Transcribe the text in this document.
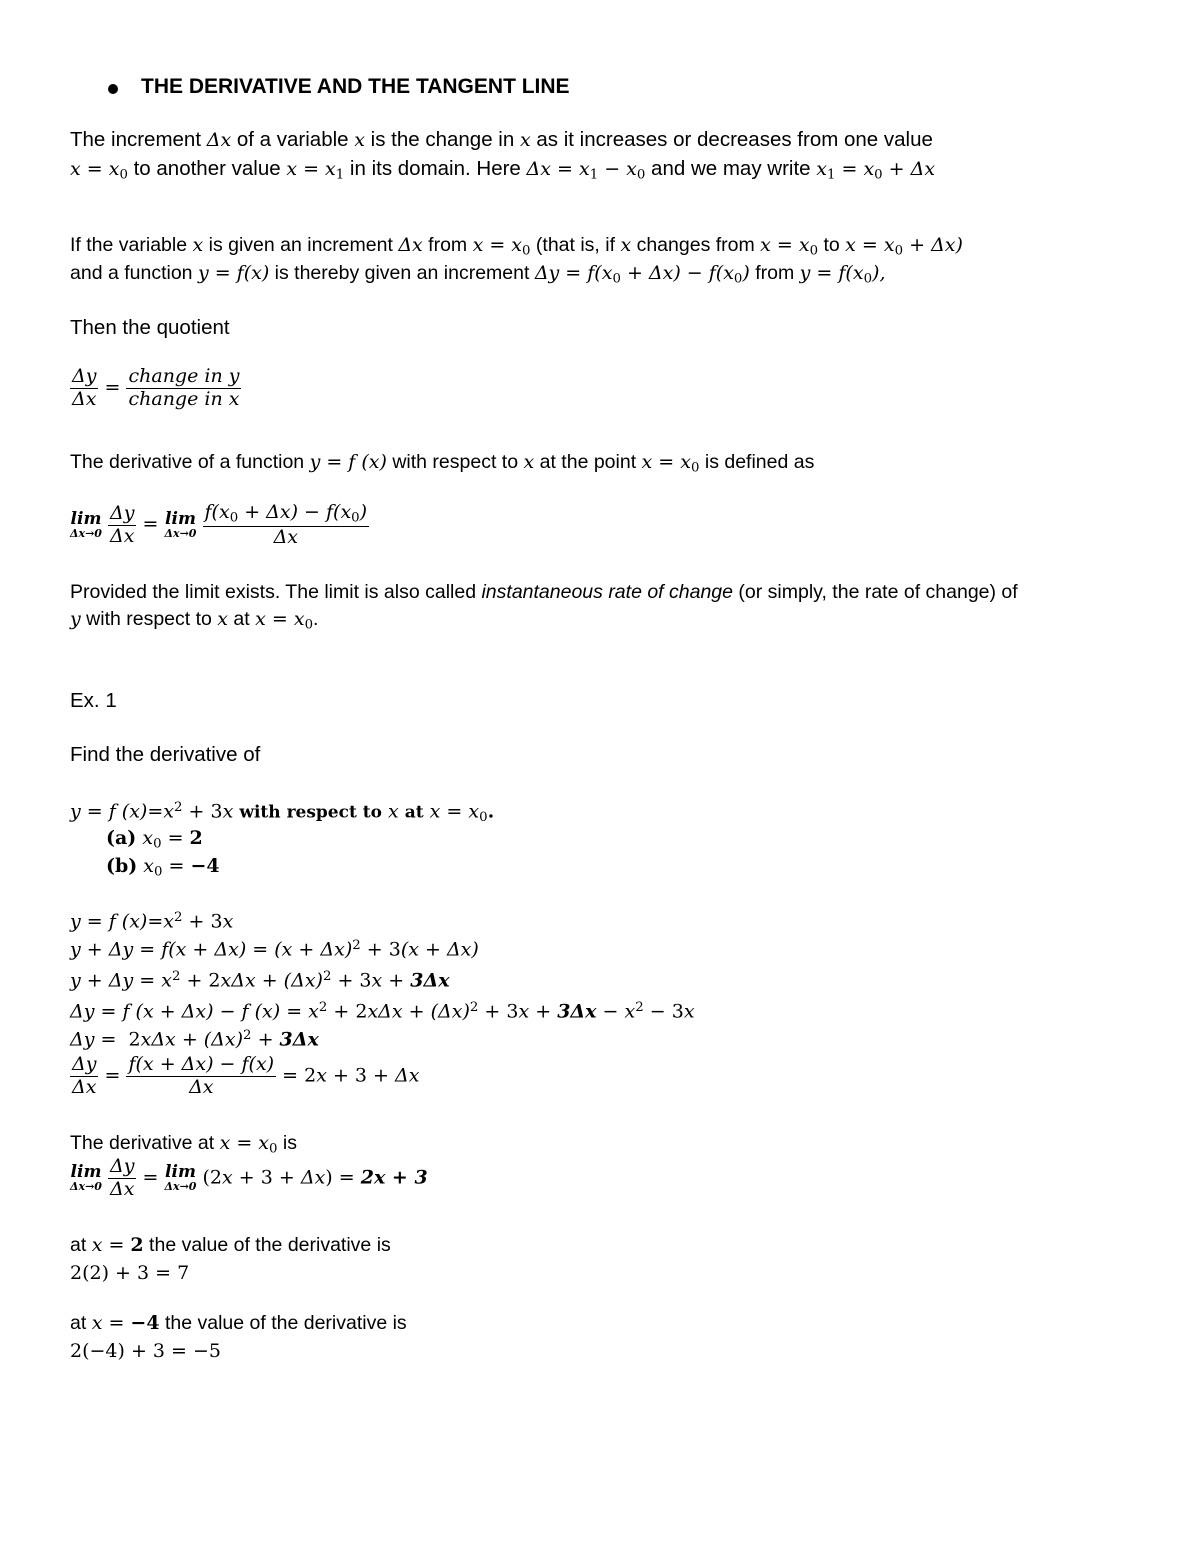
THE DERIVATIVE AND THE TANGENT LINE
The increment Δx of a variable x is the change in x as it increases or decreases from one value
$x = x_0$ to another value $x = x_1$ in its domain. Here $\Delta x = x_1 - x_0$ and we may write $x_1 = x_0 + \Delta x$
If the variable x is given an increment Δx from $x = x_0$ (that is, if x changes from $x = x_0$ to $x = x_0 + \Delta x$)
and a function y = f(x) is thereby given an increment $\Delta y = f(x_0 + \Delta x) - f(x_0)$ from $y = f(x_0)$,
Then the quotient
$\frac{\Delta y}{\Delta x} = \frac{\text{change in y}}{\text{change in x}}$
The derivative of a function y = f (x) with respect to x at the point $x = x_0$ is defined as
lim
Δx→0
$\frac{\Delta y}{\Delta x} = \lim$
Δx→0
$\frac{f(x_0 + \Delta x) - f(x_0)}{\Delta x}$
Provided the limit exists. The limit is also called instantaneous rate of change (or simply, the rate of change) of
y with respect to x at $x = x_0$.
Ex. 1
Find the derivative of
y = f $(x)=x^2 + 3x$ with respect to x at $x = x_0$.
(a) $x_0 = 2$
(b) $x_0 = -4$
y = f $(x)=x^2 + 3x$
$y + \Delta y = f(x + \Delta x) = (x + \Delta x)^2 + 3(x + \Delta x)$
$y + \Delta y = x^2 + 2x\Delta x + (\Delta x)^2 + 3x + 3\Delta x$
Δy = f (x + Δx) − f $(x) = x^2 + 2x\Delta x + (\Delta x)^2 + 3x + 3\Delta x - x^2 - 3x$
$\Delta y = 2x\Delta x + (\Delta x)^2 + 3\Delta x$
$\frac{\Delta y}{\Delta x} = \frac{f(x + \Delta x) - f(x)}{\Delta x} = 2x + 3 + \Delta x$
The derivative at $x = x_0$ is
lim
Δx→0
$\frac{\Delta y}{\Delta x} = \lim$
Δx→0 (2x + 3 + Δx) = 2x + 3
at x = 2 the value of the derivative is
2(2) + 3 = 7
at x = −4 the value of the derivative is
2(−4) + 3 = −5
